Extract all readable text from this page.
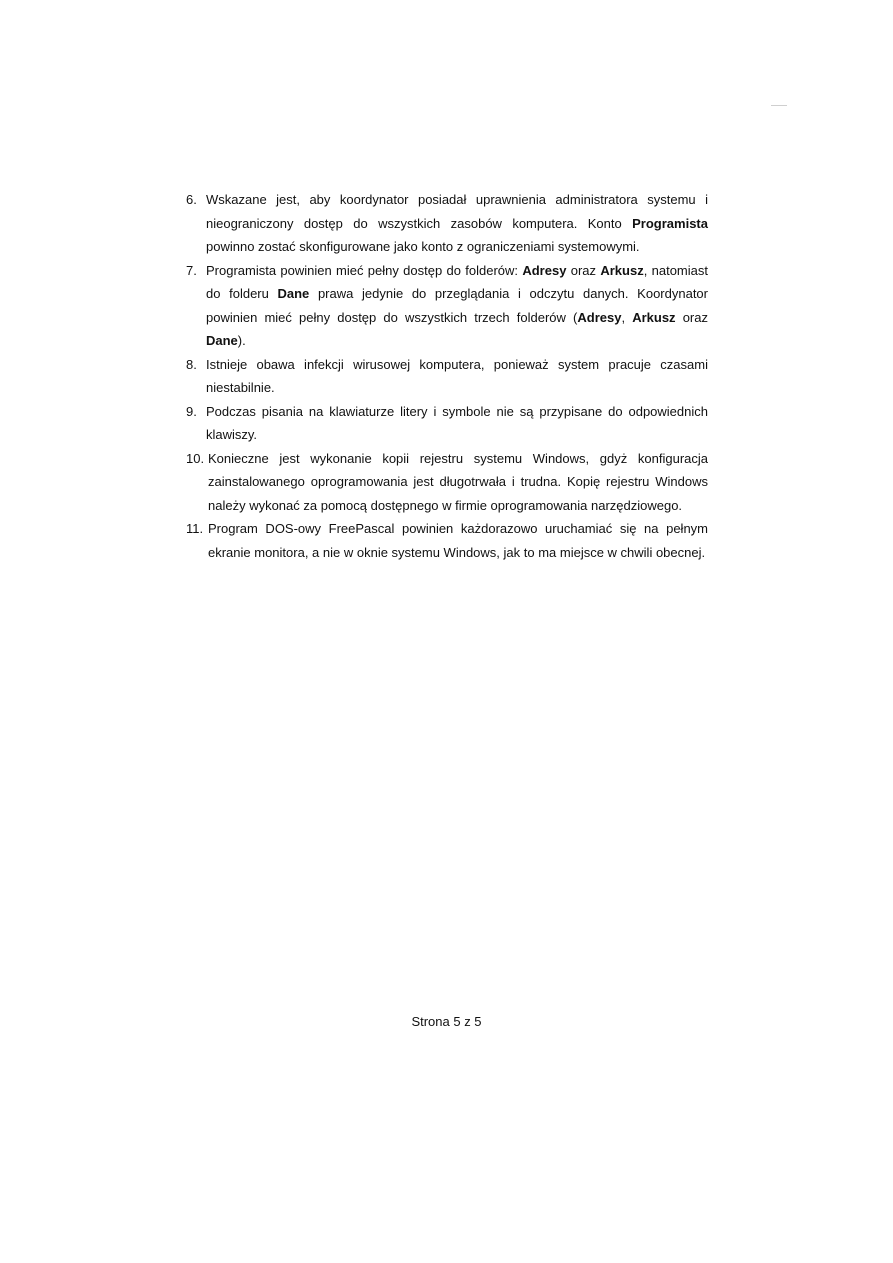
6. Wskazane jest, aby koordynator posiadał uprawnienia administratora systemu i nieograniczony dostęp do wszystkich zasobów komputera. Konto Programista powinno zostać skonfigurowane jako konto z ograniczeniami systemowymi.
7. Programista powinien mieć pełny dostęp do folderów: Adresy oraz Arkusz, natomiast do folderu Dane prawa jedynie do przeglądania i odczytu danych. Koordynator powinien mieć pełny dostęp do wszystkich trzech folderów (Adresy, Arkusz oraz Dane).
8. Istnieje obawa infekcji wirusowej komputera, ponieważ system pracuje czasami niestabilnie.
9. Podczas pisania na klawiaturze litery i symbole nie są przypisane do odpowiednich klawiszy.
10. Konieczne jest wykonanie kopii rejestru systemu Windows, gdyż konfiguracja zainstalowanego oprogramowania jest długotrwała i trudna. Kopię rejestru Windows należy wykonać za pomocą dostępnego w firmie oprogramowania narzędziowego.
11. Program DOS-owy FreePascal powinien każdorazowo uruchamiać się na pełnym ekranie monitora, a nie w oknie systemu Windows, jak to ma miejsce w chwili obecnej.
Strona 5 z 5
